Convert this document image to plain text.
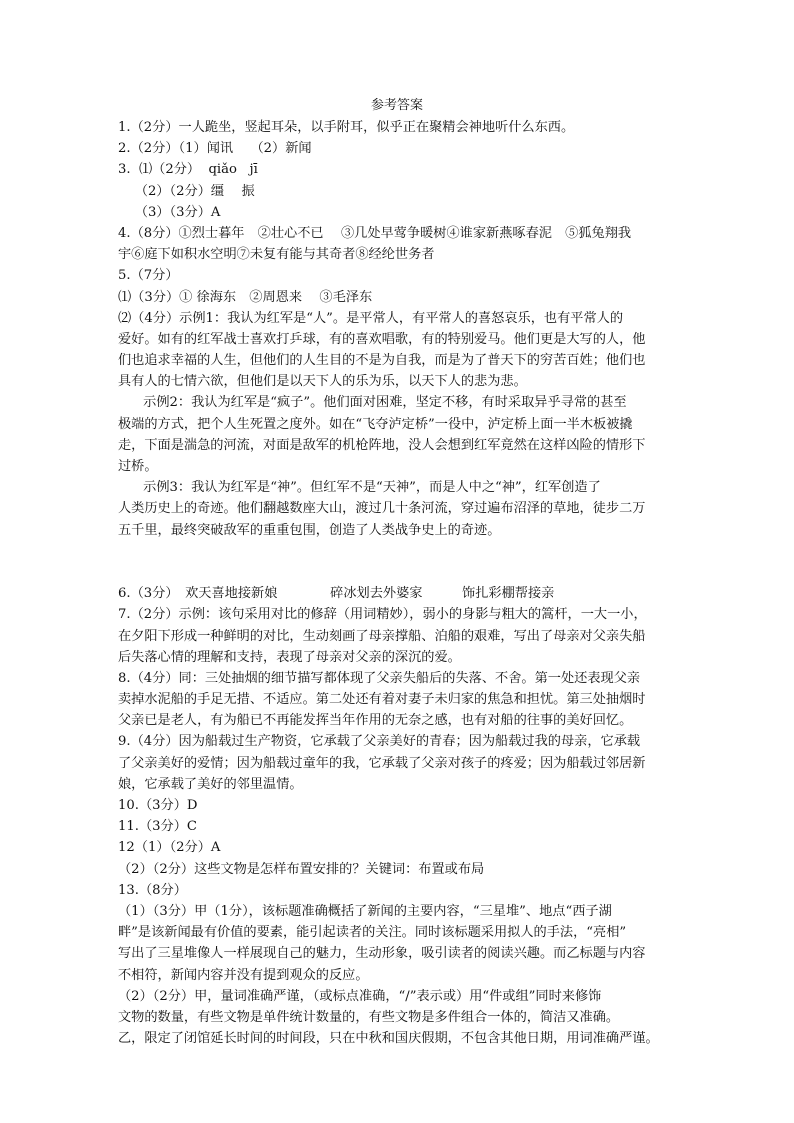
参考答案
1.（2分）一人跪坐，竖起耳朵，以手附耳，似乎正在聚精会神地听什么东西。
2.（2分）（1）闻讯　 （2）新闻
3.  ⑴（2分）  qiǎo   jī
（2）（2分）缰　 振
（3）（3分）A
4.（8分）①烈士暮年　②壮心不已　 ③几处早莺争暖树④谁家新燕啄春泥　⑤狐兔翔我
宇⑥庭下如积水空明⑦未复有能与其奇者⑧经纶世务者
5.（7分）
⑴（3分）① 徐海东　②周恩来　 ③毛泽东
⑵（4分）示例1：我认为红军是“人”。是平常人，有平常人的喜怒哀乐，也有平常人的
爱好。如有的红军战士喜欢打乒球，有的喜欢唱歌，有的特别爱马。他们更是大写的人，他
们也追求幸福的人生，但他们的人生目的不是为自我，而是为了普天下的穷苦百姓；他们也
具有人的七情六欲，但他们是以天下人的乐为乐，以天下人的悲为悲。
示例2：我认为红军是“疯子”。他们面对困难，坚定不移，有时采取异乎寻常的甚至
极端的方式，把个人生死置之度外。如在“飞夺泸定桥”一役中，泸定桥上面一半木板被撬
走，下面是湍急的河流，对面是敌军的机枪阵地，没人会想到红军竟然在这样凶险的情形下
过桥。
示例3：我认为红军是“神”。但红军不是“天神”，而是人中之“神”，红军创造了
人类历史上的奇迹。他们翻越数座大山，渡过几十条河流，穿过遍布沼泽的草地，徒步二万
五千里，最终突破敌军的重重包围，创造了人类战争史上的奇迹。
6.（3分）　欢天喜地接新娘　　　　碎冰划去外婆家　　　饰扎彩棚帮接亲
7.（2分）示例：该句采用对比的修辞（用词精妙），弱小的身影与粗大的篙杆，一大一小，
在夕阳下形成一种鲜明的对比，生动刻画了母亲撑船、泊船的艰难，写出了母亲对父亲失船
后失落心情的理解和支持，表现了母亲对父亲的深沉的爱。
8.（4分）同：三处抽烟的细节描写都体现了父亲失船后的失落、不舍。第一处还表现父亲
卖掉水泥船的手足无措、不适应。第二处还有着对妻子未归家的焦急和担忧。第三处抽烟时
父亲已是老人，有为船已不再能发挥当年作用的无奈之感，也有对船的往事的美好回忆。
9.（4分）因为船载过生产物资，它承载了父亲美好的青春；因为船载过我的母亲，它承载
了父亲美好的爱情；因为船载过童年的我，它承载了父亲对孩子的疼爱；因为船载过邻居新
娘，它承载了美好的邻里温情。
10.（3分）D
11.（3分）C
12（1）（2分）A
（2）（2分）这些文物是怎样布置安排的？关键词：布置或布局
13.（8分）
（1）（3分）甲（1分），该标题准确概括了新闻的主要内容，“三星堆”、地点“西子湖
畔”是该新闻最有价值的要素，能引起读者的关注。同时该标题采用拟人的手法，“亮相”
写出了三星堆像人一样展现自己的魅力，生动形象，吸引读者的阅读兴趣。而乙标题与内容
不相符，新闻内容并没有提到观众的反应。
（2）（2分）甲，量词准确严谨，（或标点准确，“/”表示或）用“件或组”同时来修饰
文物的数量，有些文物是单件统计数量的，有些文物是多件组合一体的，简洁又准确。
乙，限定了闭馆延长时间的时间段，只在中秋和国庆假期，不包含其他日期，用词准确严谨。
